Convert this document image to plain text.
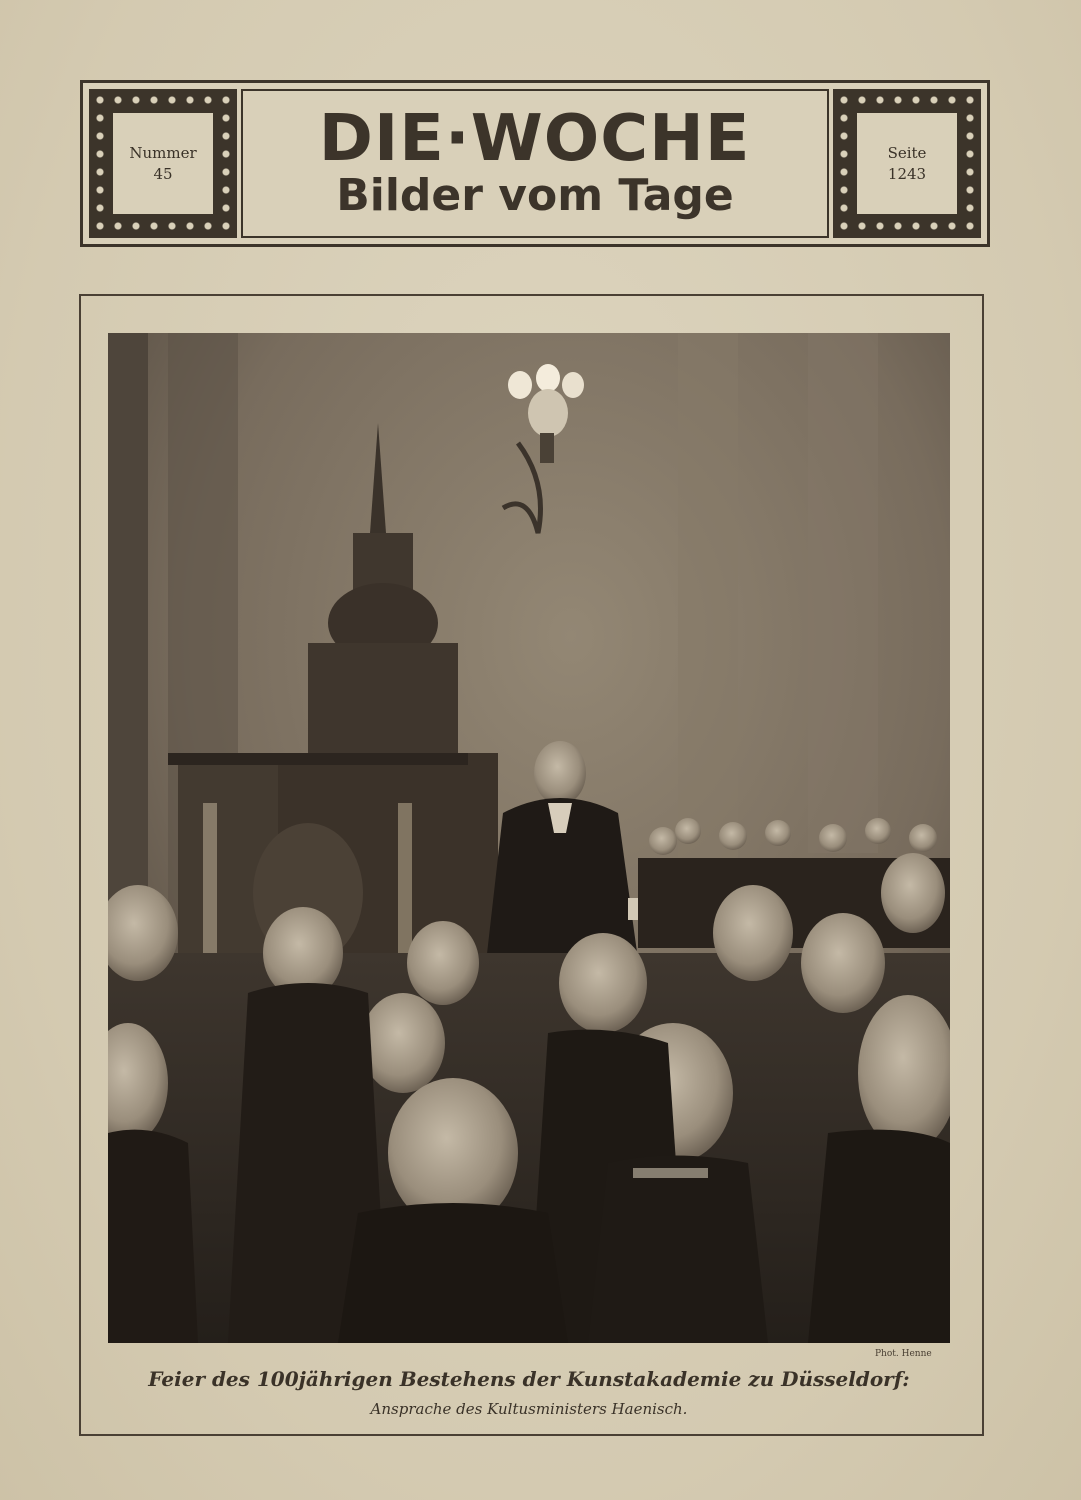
Nummer
45 DIE·WOCHE
Bilder vom Tage
Seite
1243
Phot. Henne
Feier des 100jährigen Bestehens der Kunstakademie zu Düsseldorf:
Ansprache des Kultusministers Haenisch.
